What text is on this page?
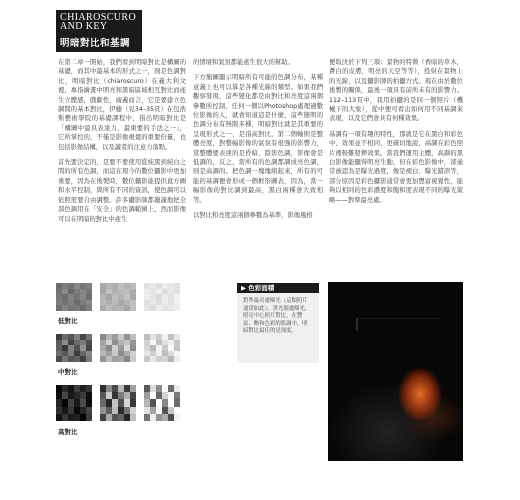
CHIAROSCURO
AND KEY
明暗對比和基調

在第二章一開始，我們看到明暗對比是構圖的基礎，而其中最基本的形式之一，則是色調對比，明暗對比（chiaroscuro）在義大利文裡，專指繪畫中明亮和黑暗區域相互對比而產生立體感，戲劇性，廣義而言，它是要建立色調間的基本對比，伊藤（見34–35頁）在包浩斯藝術學院的基礎課程中，指出明暗對比是「構圖中最具表達力，最重要的手法之一」，它所掌控的，不僅是影像視覺的重要份量，也包括影像結構，以及讀者的注意力落點。

首先要決定的，是要不要使用從純黑到純白之間的所有色調，而這在現今的數位攝影中更加重要，因為在後製時，數位攝影能提供直方圖和水平控制，與所有不同的資訊，使色調可以依照需要自由調整。許多攝影師都嚴謹地把全部色調用在「安全」的色調範圍上，然而影像可以在明暗的對比中產生

的情境和氣氛都能產生很大的幫助。

下方簡圖顯示明暗所有可能的色調分布，某種意義上也可以算是各種光線的類型。如果我們觀察發現，這些變化都是由對比和亮度這兩個參數所控制，任何一個以Photoshop處理過數位影像的人，就會知道這是什麼，這些簡明的色調分布有無限多種，明暗對比就是其重要的呈現形式之一，是指高對比，第二個軸則是整體亮度，對整幅影像的氣氛有很強的影響力，當整體要表達的是昏暗、陰影色調，影像會是低調的，反之，當所有的色調都調成亮色調，則是高調的。把色調一塊塊組起來，所有的可能的基調便會形成一個框形圖表，因為，當一幅影像的對比調到最高，黑白兩種會大致相等。

以對比和亮度這兩個參數為基準，影像風格

便取決於下列三項：景物的特徵（香暗的草木，蒼白的皮膚，明亮的天空等等），投射在景物上的光線，以及攝影師的拍攝方式。現在由於數位後製的關係，最後一項具有前所未有的影響力。112–113頁中，我用拍攝的是同一個照片（機械下的大象），從中便可看出如何用不同基調來表現，以及它們會具有何種效果。

基調有一項有趣的特性，那就是它在黑白和彩色中，效果並不相同，更確切地說，高調在彩色照片裡較難發揮效果。當我們運用主體，高調的黑白影像能顯得明亮生動，但在彩色影像中，卻通常被認為是曝光過度，像是褪白、曝光錯誤等，部分原因是彩色攝影通常會更加豐富視覺性，能夠以相同的色彩濃度和飽和度表現不同的曝光策略——對準最亮處。

低對比
中對比
高對比
▶ 色彩面積
對準最亮處曝光（這類照片通常如此），黑光源處曝光，照亮中心照片對比，在豐富、飽和色彩的影調中，明暗對比最佳的是深度。
